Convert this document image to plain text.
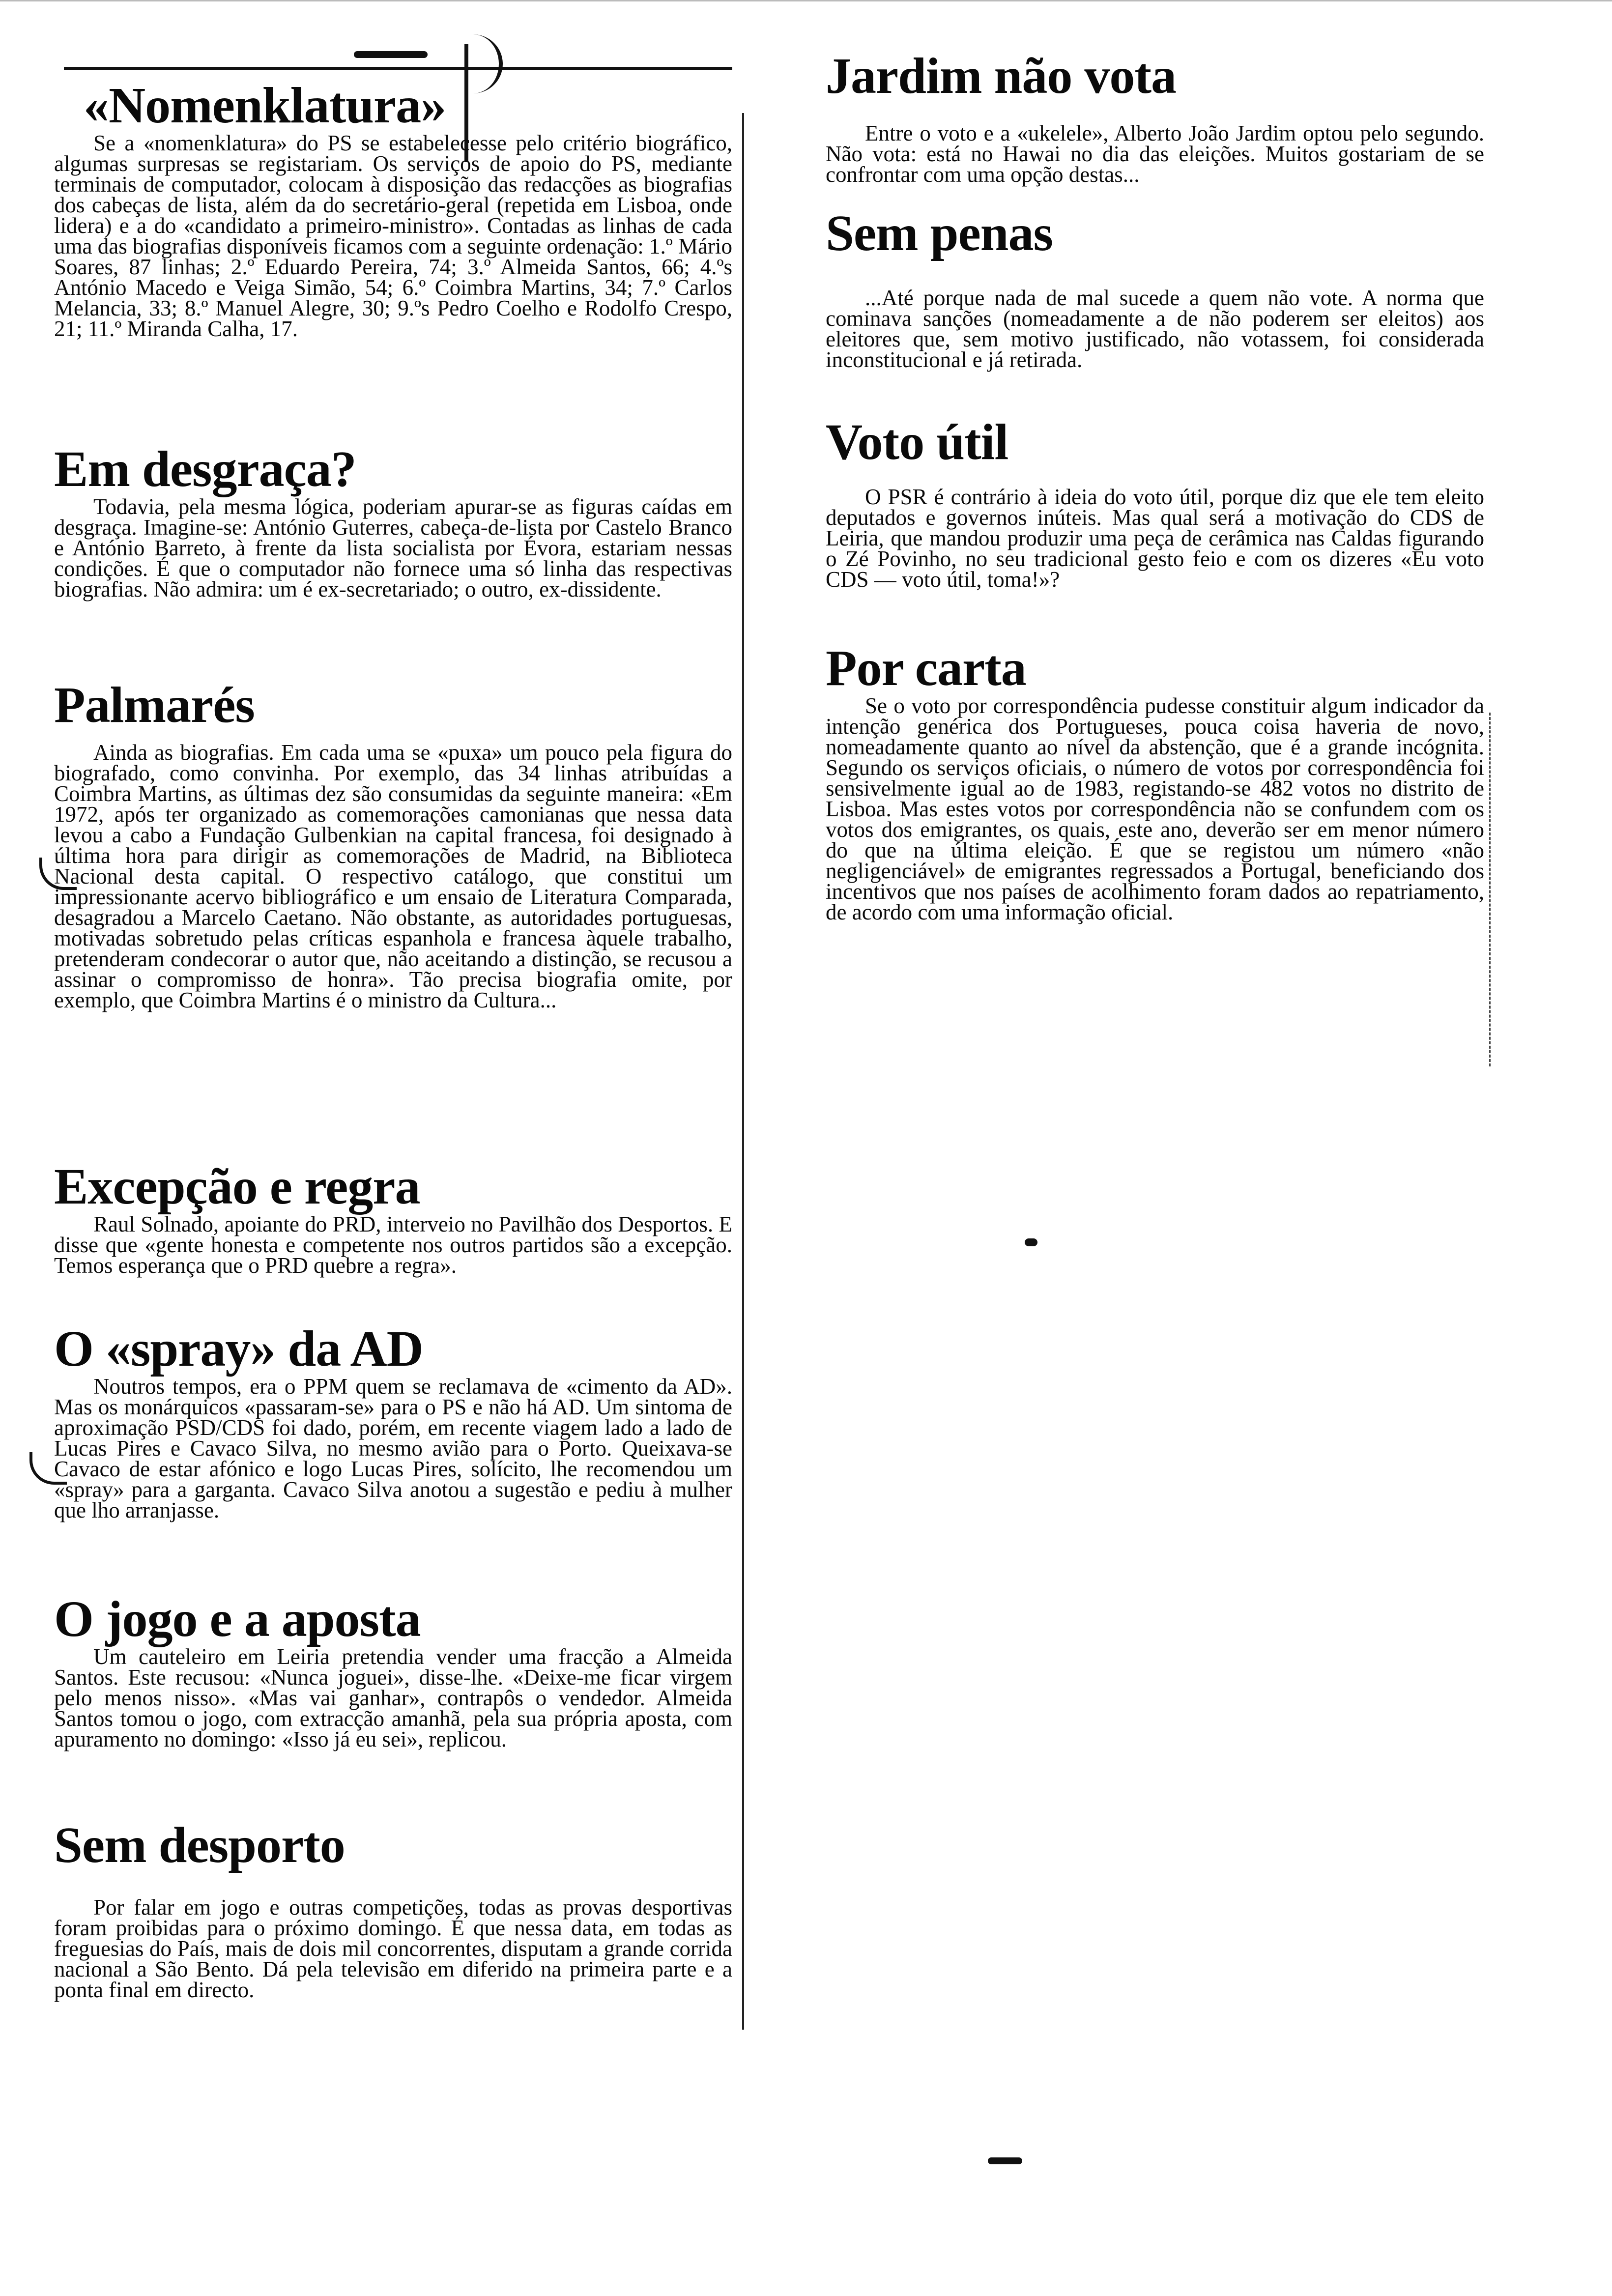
«Nomenklatura»

Se a «nomenklatura» do PS se estabelecesse pelo critério biográfico, algumas surpresas se registariam. Os serviços de apoio do PS, mediante terminais de computador, colocam à disposição das redacções as biografias dos cabeças de lista, além da do secretário-geral (repetida em Lisboa, onde lidera) e a do «candidato a primeiro-ministro». Contadas as linhas de cada uma das biografias disponíveis ficamos com a seguinte ordenação: 1.º Mário Soares, 87 linhas; 2.º Eduardo Pereira, 74; 3.º Almeida Santos, 66; 4.ºs António Macedo e Veiga Simão, 54; 6.º Coimbra Martins, 34; 7.º Carlos Melancia, 33; 8.º Manuel Alegre, 30; 9.ºs Pedro Coelho e Rodolfo Crespo, 21; 11.º Miranda Calha, 17.

Em desgraça?

Todavia, pela mesma lógica, poderiam apurar-se as figuras caídas em desgraça. Imagine-se: António Guterres, cabeça-de-lista por Castelo Branco e António Barreto, à frente da lista socialista por Évora, estariam nessas condições. É que o computador não fornece uma só linha das respectivas biografias. Não admira: um é ex-secretariado; o outro, ex-dissidente.

Palmarés

Ainda as biografias. Em cada uma se «puxa» um pouco pela figura do biografado, como convinha. Por exemplo, das 34 linhas atribuídas a Coimbra Martins, as últimas dez são consumidas da seguinte maneira: «Em 1972, após ter organizado as comemorações camonianas que nessa data levou a cabo a Fundação Gulbenkian na capital francesa, foi designado à última hora para dirigir as comemorações de Madrid, na Biblioteca Nacional desta capital. O respectivo catálogo, que constitui um impressionante acervo bibliográfico e um ensaio de Literatura Comparada, desagradou a Marcelo Caetano. Não obstante, as autoridades portuguesas, motivadas sobretudo pelas críticas espanhola e francesa àquele trabalho, pretenderam condecorar o autor que, não aceitando a distinção, se recusou a assinar o compromisso de honra». Tão precisa biografia omite, por exemplo, que Coimbra Martins é o ministro da Cultura...

Excepção e regra

Raul Solnado, apoiante do PRD, interveio no Pavilhão dos Desportos. E disse que «gente honesta e competente nos outros partidos são a excepção. Temos esperança que o PRD quebre a regra».

O «spray» da AD

Noutros tempos, era o PPM quem se reclamava de «cimento da AD». Mas os monárquicos «passaram-se» para o PS e não há AD. Um sintoma de aproximação PSD/CDS foi dado, porém, em recente viagem lado a lado de Lucas Pires e Cavaco Silva, no mesmo avião para o Porto. Queixava-se Cavaco de estar afónico e logo Lucas Pires, solícito, lhe recomendou um «spray» para a garganta. Cavaco Silva anotou a sugestão e pediu à mulher que lho arranjasse.

O jogo e a aposta

Um cauteleiro em Leiria pretendia vender uma fracção a Almeida Santos. Este recusou: «Nunca joguei», disse-lhe. «Deixe-me ficar virgem pelo menos nisso». «Mas vai ganhar», contrapôs o vendedor. Almeida Santos tomou o jogo, com extracção amanhã, pela sua própria aposta, com apuramento no domingo: «Isso já eu sei», replicou.

Sem desporto

Por falar em jogo e outras competições, todas as provas desportivas foram proibidas para o próximo domingo. É que nessa data, em todas as freguesias do País, mais de dois mil concorrentes, disputam a grande corrida nacional a São Bento. Dá pela televisão em diferido na primeira parte e a ponta final em directo.

Jardim não vota

Entre o voto e a «ukelele», Alberto João Jardim optou pelo segundo. Não vota: está no Hawai no dia das eleições. Muitos gostariam de se confrontar com uma opção destas...

Sem penas

...Até porque nada de mal sucede a quem não vote. A norma que cominava sanções (nomeadamente a de não poderem ser eleitos) aos eleitores que, sem motivo justificado, não votassem, foi considerada inconstitucional e já retirada.

Voto útil

O PSR é contrário à ideia do voto útil, porque diz que ele tem eleito deputados e governos inúteis. Mas qual será a motivação do CDS de Leiria, que mandou produzir uma peça de cerâmica nas Caldas figurando o Zé Povinho, no seu tradicional gesto feio e com os dizeres «Eu voto CDS — voto útil, toma!»?

Por carta

Se o voto por correspondência pudesse constituir algum indicador da intenção genérica dos Portugueses, pouca coisa haveria de novo, nomeadamente quanto ao nível da abstenção, que é a grande incógnita. Segundo os serviços oficiais, o número de votos por correspondência foi sensivelmente igual ao de 1983, registando-se 482 votos no distrito de Lisboa. Mas estes votos por correspondência não se confundem com os votos dos emigrantes, os quais, este ano, deverão ser em menor número do que na última eleição. É que se registou um número «não negligenciável» de emigrantes regressados a Portugal, beneficiando dos incentivos que nos países de acolhimento foram dados ao repatriamento, de acordo com uma informação oficial.
